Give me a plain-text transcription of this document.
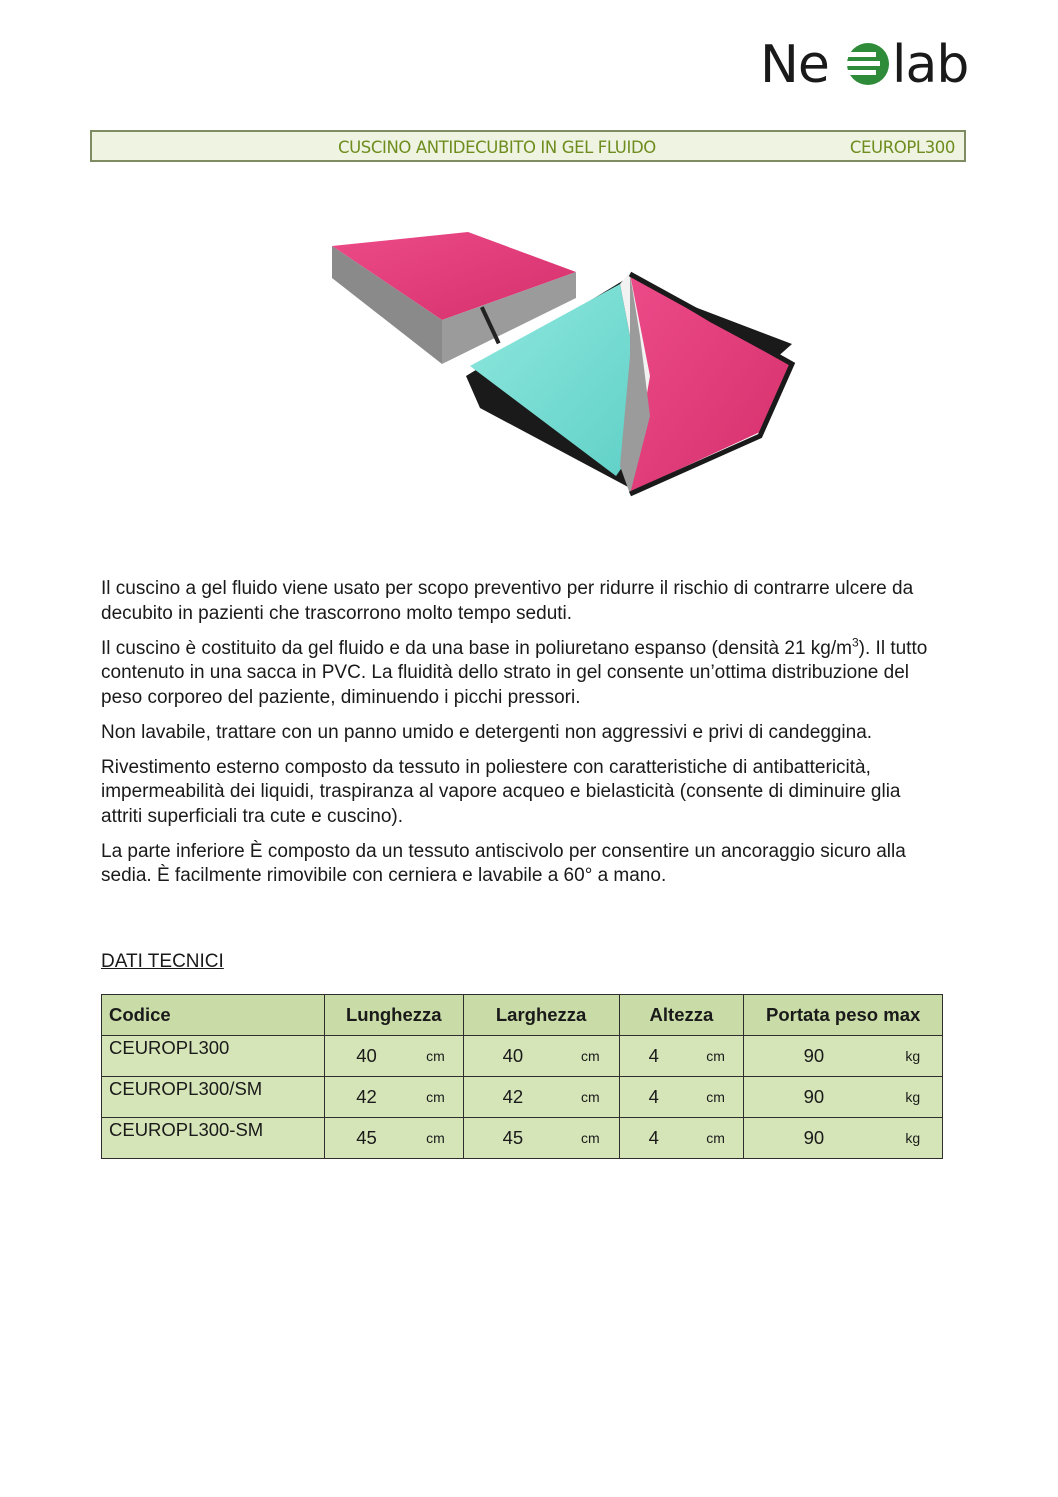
Ne lab
CUSCINO ANTIDECUBITO IN GEL FLUIDO	CEUROPL300

Il cuscino a gel fluido viene usato per scopo preventivo per ridurre il rischio di contrarre ulcere da decubito in pazienti che trascorrono molto tempo seduti.

Il cuscino è costituito da gel fluido e da una base in poliuretano espanso (densità 21 $kg/m^3$). Il tutto contenuto in una sacca in PVC. La fluidità dello strato in gel consente un’ottima distribuzione del peso corporeo del paziente, diminuendo i picchi pressori.

Non lavabile, trattare con un panno umido e detergenti non aggressivi e privi di candeggina.

Rivestimento esterno composto da tessuto in poliestere con caratteristiche di antibattericità, impermeabilità dei liquidi, traspiranza al vapore acqueo e bielasticità (consente di diminuire glia attriti superficiali tra cute e cuscino).

La parte inferiore È composto da un tessuto antiscivolo per consentire un ancoraggio sicuro alla sedia. È facilmente rimovibile con cerniera e lavabile a 60° a mano.

DATI TECNICI
Codice	Lunghezza		Larghezza		Altezza		Portata peso max	
CEUROPL300	40	cm	40	cm	4	cm	90	kg
CEUROPL300/SM	42	cm	42	cm	4	cm	90	kg
CEUROPL300-SM	45	cm	45	cm	4	cm	90	kg
